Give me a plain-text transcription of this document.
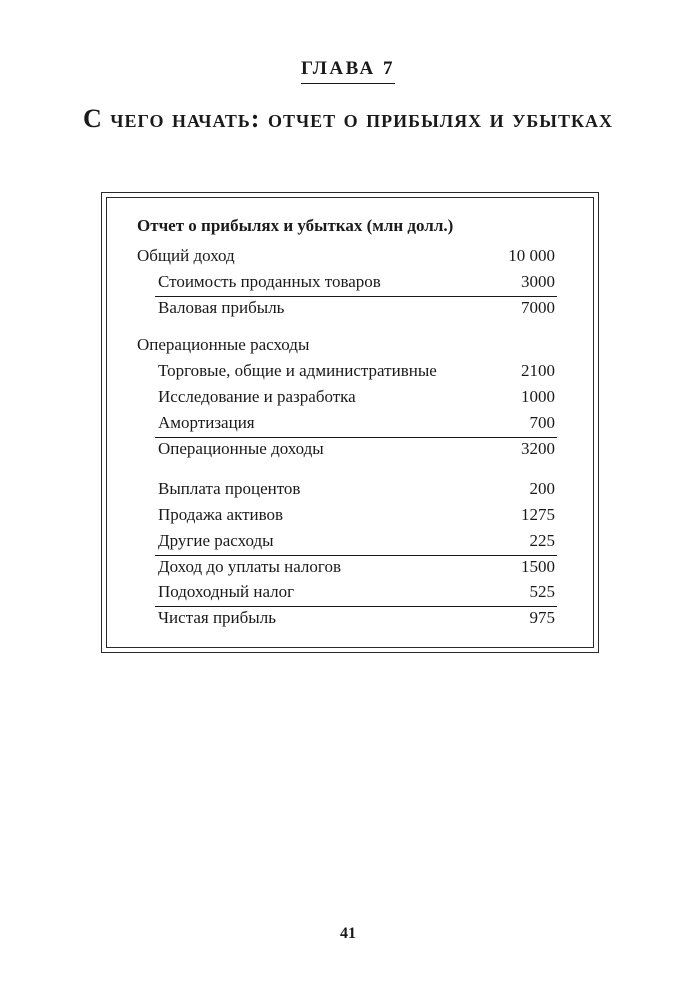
ГЛАВА 7
С чего начать: отчет о прибылях и убытках
Отчет о прибылях и убытках (млн долл.)
Общий доход	10 000
Стоимость проданных товаров	3000
Валовая прибыль	7000
Операционные расходы
Торговые, общие и административные	2100
Исследование и разработка	1000
Амортизация	700
Операционные доходы	3200
Выплата процентов	200
Продажа активов	1275
Другие расходы	225
Доход до уплаты налогов	1500
Подоходный налог	525
Чистая прибыль	975
41
